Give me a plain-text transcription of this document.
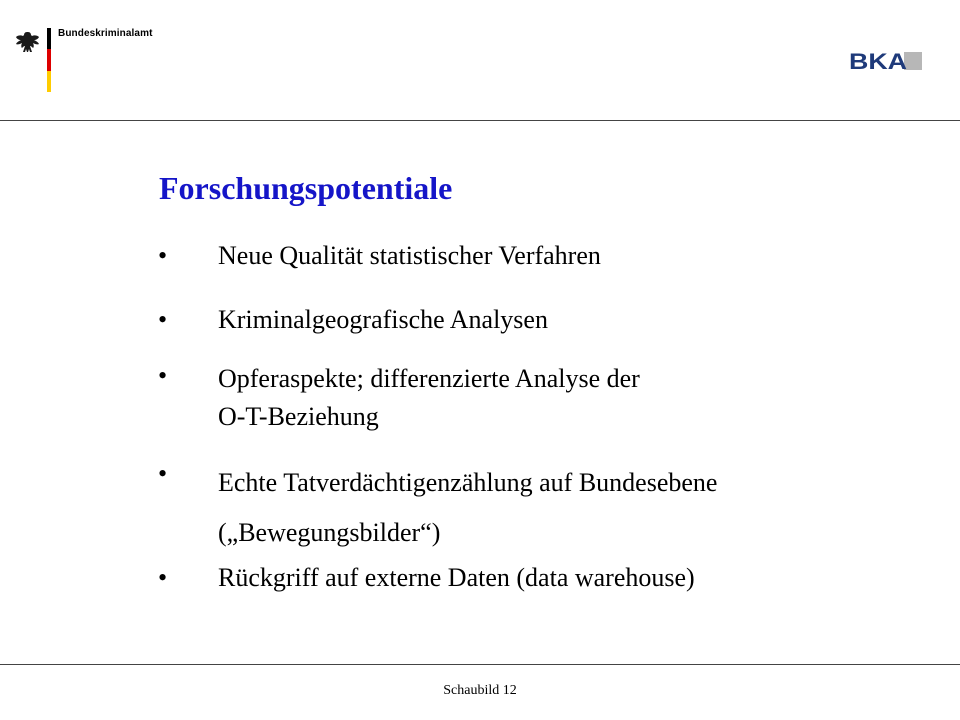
Bundeskriminalamt
BKA
Forschungspotentiale
• Neue Qualität statistischer Verfahren
• Kriminalgeografische Analysen
• Opferaspekte; differenzierte Analyse der
O-T-Beziehung
• Echte Tatverdächtigenzählung auf Bundesebene
(„Bewegungsbilder“)
• Rückgriff auf externe Daten (data warehouse)
Schaubild 12
